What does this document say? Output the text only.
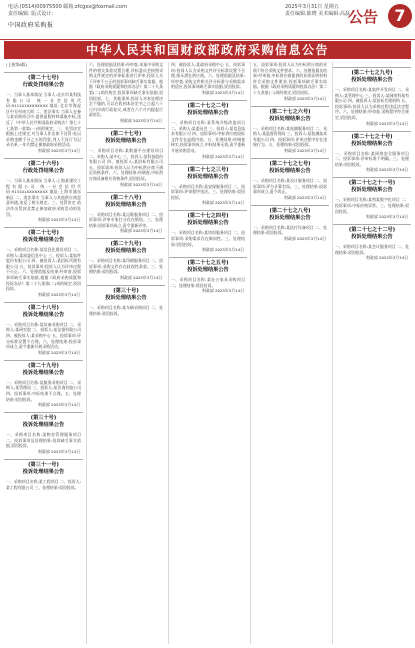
电话:(0514)00975500 邮箱:zfcgxx@foxmail.com
责任编辑: 版式设计:
中国政府采购报
2025年3月31日 星期五
责任编辑:陈晓 美术编辑:高磊
公告	7
中华人民共和国财政部政府采购信息公告
(上接第6版)
(第二十七号)
行政处罚结果公告
一、当事人基本情况 当事人:北京市某科技有限公司 统一社会信用代码:911101XXXXXXXX 地址:北京市海淀区中关村南大街 二、违法事实 当事人在参与某采购项目中,提供虚假材料谋取中标,违反了《中华人民共和国政府采购法》第七十七条第一款第(一)项的规定。三、处罚决定 根据上述规定,对当事人作出如下处罚:处以采购金额千分之五的罚款,列入不良行为记录名单,一年内禁止参加政府采购活动。
财政部 2025年3月14日
(第二十六号)
行政处罚结果公告
一、当事人基本情况 当事人:上海某建设工程有限公司 统一社会信用代码:913101XXXXXXXX 地址:上海市浦东新区 二、违法事实 当事人与其他供应商恶意串通,违反了相关规定。三、处罚决定 依法作出罚款及禁止参加政府采购活动的处罚。
财政部 2025年3月14日
(第二十七号)
投诉处理结果公告
一、采购项目名称:某信息化建设项目 二、采购人:某部委信息中心 三、投诉人:某软件股份有限公司 四、被投诉人:某招标代理有限公司 五、投诉事项:投诉人认为评审过程不公正。六、处理依据及结果:经审查,投诉事项缺乏事实依据,根据《政府采购质疑和投诉办法》第二十九条第(二)项的规定,驳回投诉。
财政部 2025年3月14日
(第二十八号)
投诉处理结果公告
一、采购项目名称:某设备采购项目 二、采购人:某研究院 三、投诉人:某仪器有限公司 四、被投诉人:某采购中心 五、投诉事项:评分标准设置不合理。六、处理结果:投诉事项成立,责令重新开展采购活动。
财政部 2025年3月14日
(第二十九号)
投诉处理结果公告
一、采购项目名称:某服务采购项目 二、采购人:某管理局 三、投诉人:某咨询有限公司 四、投诉事项:中标结果不合理。五、处理结果:驳回投诉。
财政部 2025年3月14日
(第三十号)
投诉处理结果公告
一、采购项目名称:某物业管理服务项目 二、投诉事项及处理结果:投诉缺乏事实依据,驳回投诉。
财政部 2025年3月14日
(第三十一号)
投诉处理结果公告
一、采购项目名称:某工程项目 二、投诉人:某工程有限公司 三、处理结果:驳回投诉。
六、处理依据及结果:经审查,本案中采购文件的相关条款设置合理,评标委员会按照采购文件规定的评审标准进行评审,投诉人关于评审不公正的投诉事项缺乏事实依据。根据《政府采购质疑和投诉办法》第二十九条第(二)项的规定,投诉事项缺乏事实依据,驳回投诉。七、其他事项:投诉人对本处理决定不服的,可以在收到本决定书之日起六十日内申请行政复议,或者在六个月内提起行政诉讼。
财政部 2025年3月14日
(第二十七号)
投诉处理结果公告
一、采购项目名称:某数据平台建设项目 二、采购人:某中心 三、投诉人:某科技股份有限公司 四、被投诉人:某招标有限公司 五、投诉事项:投诉人认为中标供应商不满足资格条件。六、处理结果:经调查,中标供应商具备相应资格条件,驳回投诉。
财政部 2025年3月14日
(第二十八号)
投诉处理结果公告
一、采购项目名称:某运维服务项目 二、投诉事项:评审专家打分存在错误。三、处理结果:投诉事项成立,责令重新评审。
财政部 2025年3月14日
(第二十九号)
投诉处理结果公告
一、采购项目名称:某印刷服务项目 二、投诉事项:采购文件存在歧视性条款。三、处理结果:驳回投诉。
财政部 2025年3月14日
(第三十号)
投诉处理结果公告
一、采购项目名称:某车辆采购项目 二、处理结果:驳回投诉。
四、被投诉人:某政府采购中心 五、投诉事项:投诉人认为采购文件评分标准设置不合理,排斥潜在供应商。六、处理依据及结果:经审查,采购文件相关评分标准与采购需求相适应,投诉事项缺乏事实依据,驳回投诉。
财政部 2025年3月14日
(第二十七之二号)
投诉处理结果公告
一、采购项目名称:某系统升级改造项目 二、采购人:某委员会 三、投诉人:某信息技术有限公司 四、投诉事项:中标供应商投标文件存在虚假内容。五、处理结果:经调查核实,投诉事项成立,中标结果无效,责令重新开展采购活动。
财政部 2025年3月14日
(第二十七之三号)
投诉处理结果公告
一、采购项目名称:某安保服务项目 二、投诉事项:评审程序违法。三、处理结果:驳回投诉。
财政部 2025年3月14日
(第二十七之四号)
投诉处理结果公告
一、采购项目名称:某培训服务项目 二、投诉事项:采购需求存在倾向性。三、处理结果:驳回投诉。
财政部 2025年3月14日
(第二十七之五号)
投诉处理结果公告
一、采购项目名称:某办公家具采购项目 二、处理结果:驳回投诉。
财政部 2025年3月14日
五、投诉事项:投诉人认为中标供应商的业绩不符合采购文件要求。六、处理依据及结果:经审查,中标供应商提供的业绩证明材料符合采购文件要求,投诉事项缺乏事实依据。根据《政府采购质疑和投诉办法》第二十九条第(二)项的规定,驳回投诉。
财政部 2025年3月14日
(第二十七之六号)
投诉处理结果公告
一、采购项目名称:某检测服务项目 二、采购人:某监督管理局 三、投诉人:某检测技术有限公司 四、投诉事项:评审过程中存在违规行为。五、处理结果:驳回投诉。
财政部 2025年3月14日
(第二十七之七号)
投诉处理结果公告
一、采购项目名称:某设计服务项目 二、投诉事项:评分计算有误。三、处理结果:投诉事项成立,责令改正。
财政部 2025年3月14日
(第二十七之八号)
投诉处理结果公告
一、采购项目名称:某医疗设备项目 二、处理结果:驳回投诉。
财政部 2025年3月14日
(第二十七之九号)
投诉处理结果公告
一、采购项目名称:某软件开发项目 二、采购人:某管理中心 三、投诉人:某网络科技有限公司 四、被投诉人:某招标代理机构 五、投诉事项:投诉人认为采购过程违反法定程序。六、处理结果:经审查,采购程序符合规定,驳回投诉。
财政部 2025年3月14日
(第二十七之十号)
投诉处理结果公告
一、采购项目名称:某网络安全服务项目 二、投诉事项:评审标准不明确。三、处理结果:驳回投诉。
财政部 2025年3月14日
(第二十七之十一号)
投诉处理结果公告
一、采购项目名称:某档案数字化项目 二、投诉事项:中标价格异常。三、处理结果:驳回投诉。
财政部 2025年3月14日
(第二十七之十二号)
投诉处理结果公告
一、采购项目名称:某会议服务项目 二、处理结果:驳回投诉。
财政部 2025年3月14日
